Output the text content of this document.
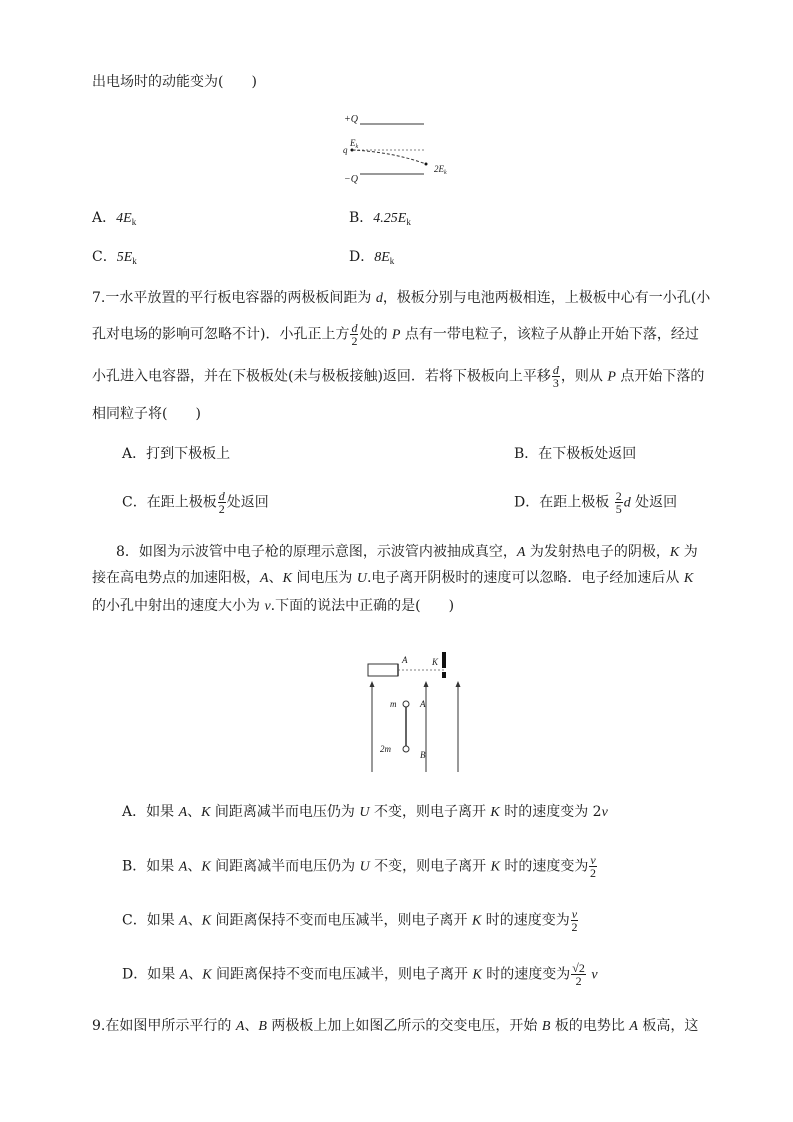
出电场时的动能变为(　　)
+Q
$E_k$
q
$2E_k$
−Q
A．$4E_k$	B．$4.25E_k$
C．$5E_k$	D．$8E_k$
7.一水平放置的平行板电容器的两极板间距为 d，极板分别与电池两极相连，上极板中心有一小孔(小
孔对电场的影响可忽略不计)．小孔正上方 $\frac{d}{2}$ 处的 P 点有一带电粒子，该粒子从静止开始下落，经过
小孔进入电容器，并在下极板处(未与极板接触)返回．若将下极板向上平移 $\frac{d}{3}$ ，则从 P 点开始下落的
相同粒子将(　　)
A．打到下极板上	B．在下极板处返回
C．在距上极板 $\frac{d}{2}$ 处返回	D．在距上极板 $\frac{2}{5}$ d 处返回
8．如图为示波管中电子枪的原理示意图，示波管内被抽成真空，A 为发射热电子的阴极，K 为
接在高电势点的加速阳极，A、K 间电压为 U.电子离开阴极时的速度可以忽略．电子经加速后从 K
的小孔中射出的速度大小为 v.下面的说法中正确的是(　　)
A	K
m	A
2m
B
A．如果 A、K 间距离减半而电压仍为 U 不变，则电子离开 K 时的速度变为 2v
B．如果 A、K 间距离减半而电压仍为 U 不变，则电子离开 K 时的速度变为 $\frac{v}{2}$
C．如果 A、K 间距离保持不变而电压减半，则电子离开 K 时的速度变为 $\frac{v}{2}$
D．如果 A、K 间距离保持不变而电压减半，则电子离开 K 时的速度变为 $\frac{√2}{2}$ v
9.在如图甲所示平行的 A、B 两极板上加上如图乙所示的交变电压，开始 B 板的电势比 A 板高，这
